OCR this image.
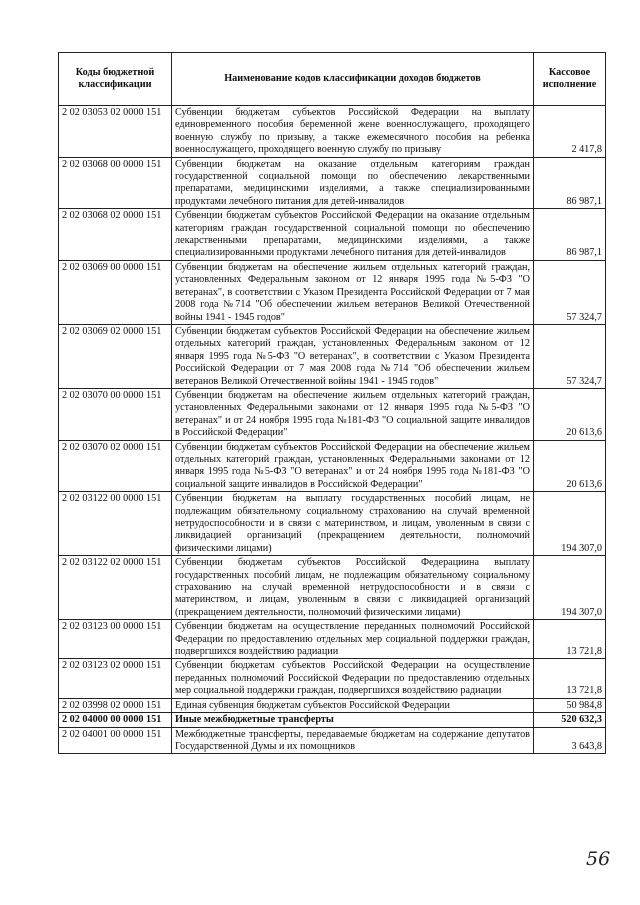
Коды бюджетной классификации	Наименование кодов классификации доходов бюджетов	Кассовое исполнение
2 02 03053 02 0000 151	Субвенции бюджетам субъектов Российской Федерации на выплату единовременного пособия беременной жене военнослужащего, проходящего военную службу по призыву, а также ежемесячного пособия на ребенка военнослужащего, проходящего военную службу по призыву	2 417,8
2 02 03068 00 0000 151	Субвенции бюджетам на оказание отдельным категориям граждан государственной социальной помощи по обеспечению лекарственными препаратами, медицинскими изделиями, а также специализированными продуктами лечебного питания для детей-инвалидов	86 987,1
2 02 03068 02 0000 151	Субвенции бюджетам субъектов Российской Федерации на оказание отдельным категориям граждан государственной социальной помощи по обеспечению лекарственными препаратами, медицинскими изделиями, а также специализированными продуктами лечебного питания для детей-инвалидов	86 987,1
2 02 03069 00 0000 151	Субвенции бюджетам на обеспечение жильем отдельных категорий граждан, установленных Федеральным законом от 12 января 1995 года №5-ФЗ "О ветеранах", в соответствии с Указом Президента Российской Федерации от 7 мая 2008 года №714 "Об обеспечении жильем ветеранов Великой Отечественной войны 1941 - 1945 годов"	57 324,7
2 02 03069 02 0000 151	Субвенции бюджетам субъектов Российской Федерации на обеспечение жильем отдельных категорий граждан, установленных Федеральным законом от 12 января 1995 года №5-ФЗ "О ветеранах", в соответствии с Указом Президента Российской Федерации от 7 мая 2008 года №714 "Об обеспечении жильем ветеранов Великой Отечественной войны 1941 - 1945 годов"	57 324,7
2 02 03070 00 0000 151	Субвенции бюджетам на обеспечение жильем отдельных категорий граждан, установленных Федеральными законами от 12 января 1995 года №5-ФЗ "О ветеранах" и от 24 ноября 1995 года №181-ФЗ "О социальной защите инвалидов в Российской Федерации"	20 613,6
2 02 03070 02 0000 151	Субвенции бюджетам субъектов Российской Федерации на обеспечение жильем отдельных категорий граждан, установленных Федеральными законами от 12 января 1995 года №5-ФЗ "О ветеранах" и от 24 ноября 1995 года №181-ФЗ "О социальной защите инвалидов в Российской Федерации"	20 613,6
2 02 03122 00 0000 151	Субвенции бюджетам на выплату государственных пособий лицам, не подлежащим обязательному социальному страхованию на случай временной нетрудоспособности и в связи с материнством, и лицам, уволенным в связи с ликвидацией организаций (прекращением деятельности, полномочий физическими лицами)	194 307,0
2 02 03122 02 0000 151	Субвенции бюджетам субъектов Российской Федерациина выплату государственных пособий лицам, не подлежащим обязательному социальному страхованию на случай временной нетрудоспособности и в связи с материнством, и лицам, уволенным в связи с ликвидацией организаций (прекращением деятельности, полномочий физическими лицами)	194 307,0
2 02 03123 00 0000 151	Субвенции бюджетам на осуществление переданных полномочий Российской Федерации по предоставлению отдельных мер социальной поддержки граждан, подвергшихся воздействию радиации	13 721,8
2 02 03123 02 0000 151	Субвенции бюджетам субъектов Российской Федерации на осуществление переданных полномочий Российской Федерации по предоставлению отдельных мер социальной поддержки граждан, подвергшихся воздействию радиации	13 721,8
2 02 03998 02 0000 151	Единая субвенция бюджетам субъектов Российской Федерации	50 984,8
2 02 04000 00 0000 151	Иные межбюджетные трансферты	520 632,3
2 02 04001 00 0000 151	Межбюджетные трансферты, передаваемые бюджетам на содержание депутатов Государственной Думы и их помощников	3 643,8
56
